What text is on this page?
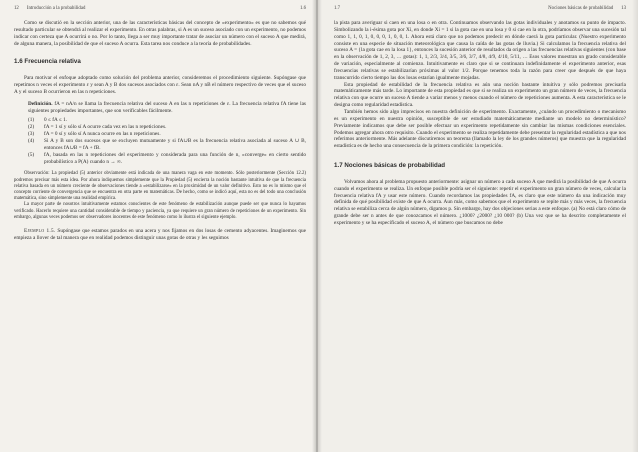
12	Introducción a la probabilidad	1.6

Como se discutió en la sección anterior, una de las características básicas del concepto de «experimento» es que no sabemos qué resultado particular se obtendrá al realizar el experimento. En otras palabras, si A es un suceso asociado con un experimento, no podemos indicar con certeza que A ocurrirá o no. Por lo tanto, llega a ser muy importante tratar de asociar un número con el suceso A que medirá, de alguna manera, la posibilidad de que el suceso A ocurra. Esta tarea nos conduce a la teoría de probabilidades.

1.6 Frecuencia relativa

Para motivar el enfoque adoptado como solución del problema anterior, consideremos el procedimiento siguiente. Supóngase que repetimos n veces el experimento ε y sean A y B dos sucesos asociados con ε. Sean nA y nB el número respectivo de veces que el suceso A y el suceso B ocurrieron en las n repeticiones.

Definición. fA = nA/n se llama la frecuencia relativa del suceso A en las n repeticiones de ε. La frecuencia relativa fA tiene las siguientes propiedades importantes, que son verificables fácilmente.
(1)	0 ≤ fA ≤ 1.
(2)	fA = 1 sí y sólo sí A ocurre cada vez en las n repeticiones.
(3)	fA = 0 sí y sólo sí A nunca ocurre en las n repeticiones.
(4)	Si A y B son dos sucesos que se excluyen mutuamente y si fA∪B es la frecuencia relativa asociada al suceso A ∪ B, entonces fA∪B = fA + fB.
(5)	fA, basada en las n repeticiones del experimento y considerada para una función de n, «converge» en cierto sentido probabilístico a P(A) cuando n → ∞.

Observación: La propiedad (5) anterior obviamente está indicada de una manera vaga en este momento. Sólo posteriormente (Sección 12.2) podremos precisar más esta idea. Por ahora indiquemos simplemente que la Propiedad (5) encierra la noción bastante intuitiva de que la frecuencia relativa basada en un número creciente de observaciones tiende a «estabilizarse» en la proximidad de un valor definitivo. Esto no es lo mismo que el concepto corriente de convergencia que se encuentra en otra parte en matemáticas. De hecho, como se indicó aquí, esta no es del todo una conclusión matemática, sino simplemente una realidad empírica.

La mayor parte de nosotros intuitivamente estamos conscientes de este fenómeno de estabilización aunque puede ser que nunca lo hayamos verificado. Hacerlo requiere una cantidad considerable de tiempo y paciencia, ya que requiere un gran número de repeticiones de un experimento. Sin embargo, algunas veces podemos ser observadores inocentes de este fenómeno como lo ilustra el siguiente ejemplo.

Ejemplo 1.5. Supóngase que estamos parados en una acera y nos fijamos en dos losas de cemento adyacentes. Imaginemos que empieza a llover de tal manera que en realidad podemos distinguir unas gotas de otras y les seguimos

1.7	Nociones básicas de probabilidad	13

la pista para averiguar si caen en una losa o en otra. Continuamos observando las gotas individuales y anotamos su punto de impacto. Simbolizando la i-ésima gota por Xi, en donde Xi = 1 si la gota cae en una losa y 0 si cae en la otra, podríamos observar una sucesión tal como 1, 1, 0, 1, 0, 0, 0, 1, 0, 0, 1. Ahora está claro que no podemos predecir en dónde caerá la gota particular. (Nuestro experimento consiste en una especie de situación meteorológica que causa la caída de las gotas de lluvia.) Si calculamos la frecuencia relativa del suceso A = {la gota cae en la losa 1}, entonces la sucesión anterior de resultados da origen a las frecuencias relativas siguientes (con base en la observación de 1, 2, 3, … gotas): 1, 1, 2/3, 3/4, 3/5, 3/6, 3/7, 4/8, 4/9, 4/10, 5/11, … Esos valores muestran un grado considerable de variación, especialmente al comienzo. Intuitivamente es claro que si se continuara indefinidamente el experimento anterior, esas frecuencias relativas se estabilizarían próximas al valor 1/2. Porque tenemos toda la razón para creer que después de que haya transcurrido cierto tiempo las dos losas estarían igualmente mojadas.

Esta propiedad de estabilidad de la frecuencia relativa es aún una noción bastante intuitiva y sólo podremos precisarla matemáticamente más tarde. Lo importante de esta propiedad es que si se realiza un experimento un gran número de veces, la frecuencia relativa con que ocurre un suceso A tiende a variar menos y menos cuando el número de repeticiones aumenta. A esta característica se le designa como regularidad estadística.

También hemos sido algo imprecisos en nuestra definición de experimento. Exactamente, ¿cuándo un procedimiento o mecanismo es un experimento en nuestra opinión, susceptible de ser estudiado matemáticamente mediante un modelo no determinístico? Previamente indicamos que debe ser posible efectuar un experimento repetidamente sin cambiar las mismas condiciones esenciales. Podemos agregar ahora otro requisito. Cuando el experimento se realiza repetidamente debe presentar la regularidad estadística a que nos referimos anteriormente. Más adelante discutiremos un teorema (llamado la ley de los grandes números) que muestra que la regularidad estadística es de hecho una consecuencia de la primera condición: la repetición.

1.7 Nociones básicas de probabilidad

Volvamos ahora al problema propuesto anteriormente: asignar un número a cada suceso A que medirá la posibilidad de que A ocurra cuando el experimento se realiza. Un enfoque posible podría ser el siguiente: repetir el experimento un gran número de veces, calcular la frecuencia relativa fA y usar este número. Cuando recordamos las propiedades fA, es claro que este número da una indicación muy definida de qué posibilidad existe de que A ocurra. Aun más, como sabemos que el experimento se repite más y más veces, la frecuencia relativa se estabiliza cerca de algún número, digamos p. Sin embargo, hay dos objeciones serias a este enfoque. (a) No está claro cómo de grande debe ser n antes de que conozcamos el número. ¿1000? ¿2000? ¿10 000? (b) Una vez que se ha descrito completamente el experimento y se ha especificado el suceso A, el número que buscamos no debe
